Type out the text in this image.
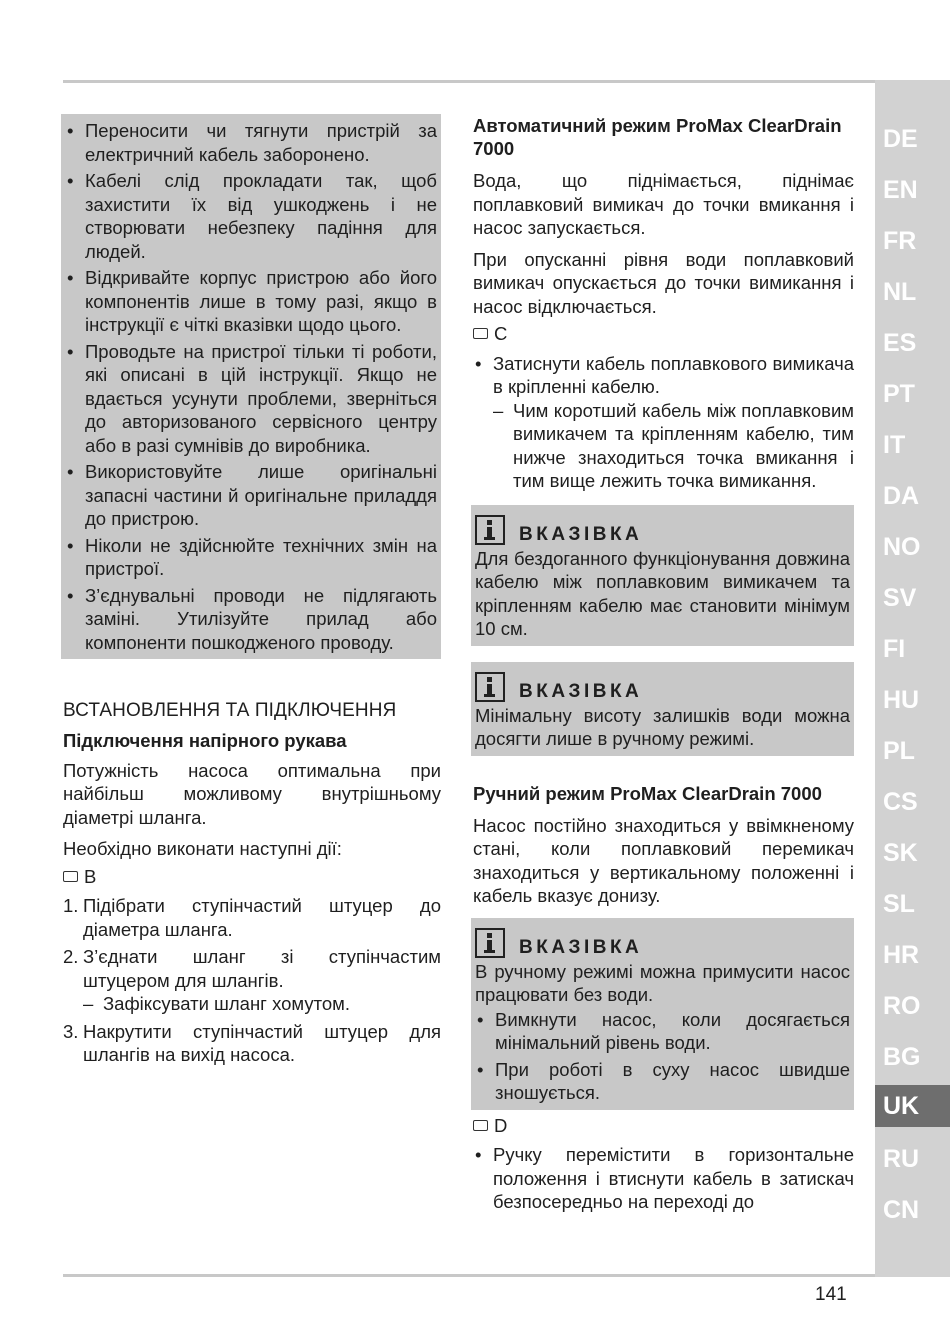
DE
EN
FR
NL
ES
PT
IT
DA
NO
SV
FI
HU
PL
CS
SK
SL
HR
RO
BG
UK
RU
CN
• Переносити чи тягнути пристрій за електричний кабель заборонено.
• Кабелі слід прокладати так, щоб захистити їх від ушкоджень і не створювати небезпеку падіння для людей.
• Відкривайте корпус пристрою або його компонентів лише в тому разі, якщо в інструкції є чіткі вказівки щодо цього.
• Проводьте на пристрої тільки ті роботи, які описані в цій інструкції. Якщо не вдається усунути проблеми, зверніться до авторизованого сервісного центру або в разі сумнівів до виробника.
• Використовуйте лише оригінальні запасні частини й оригінальне приладдя до пристрою.
• Ніколи не здійснюйте технічних змін на пристрої.
• З’єднувальні проводи не підлягають заміні. Утилізуйте прилад або компоненти пошкодженого проводу.
ВСТАНОВЛЕННЯ ТА ПІДКЛЮЧЕННЯ
Підключення напірного рукава

Потужність насоса оптимальна при найбільш можливому внутрішньому діаметрі шланга.

Необхідно виконати наступні дії:

B
1. Підібрати ступінчастий штуцер до діаметра шланга.
2. З’єднати шланг зі ступінчастим штуцером для шлангів.
– Зафіксувати шланг хомутом.
3. Накрутити ступінчастий штуцер для шлангів на вихід насоса.
Автоматичний режим ProMax ClearDrain 7000

Вода, що піднімається, піднімає поплавковий вимикач до точки вмикання і насос запускається.

При опусканні рівня води поплавковий вимикач опускається до точки вимикання і насос відключається.

C
• Затиснути кабель поплавкового вимикача в кріпленні кабелю.
– Чим коротший кабель між поплавковим вимикачем та кріпленням кабелю, тим нижче знаходиться точка вмикання і тим вище лежить точка вимикання.
ВКАЗІВКА

Для бездоганного функціонування довжина кабелю між поплавковим вимикачем та кріпленням кабелю має становити мінімум 10 см.

ВКАЗІВКА

Мінімальну висоту залишків води можна досягти лише в ручному режимі.

Ручний режим ProMax ClearDrain 7000

Насос постійно знаходиться у ввімкненому стані, коли поплавковий перемикач знаходиться у вертикальному положенні і кабель вказує донизу.

ВКАЗІВКА

В ручному режимі можна примусити насос працювати без води.

• Вимкнути насос, коли досягається мінімальний рівень води.
• При роботі в суху насос швидше зношується.
D
• Ручку перемістити в горизонтальне положення і втиснути кабель в затискач безпосередньо на переході до
141
